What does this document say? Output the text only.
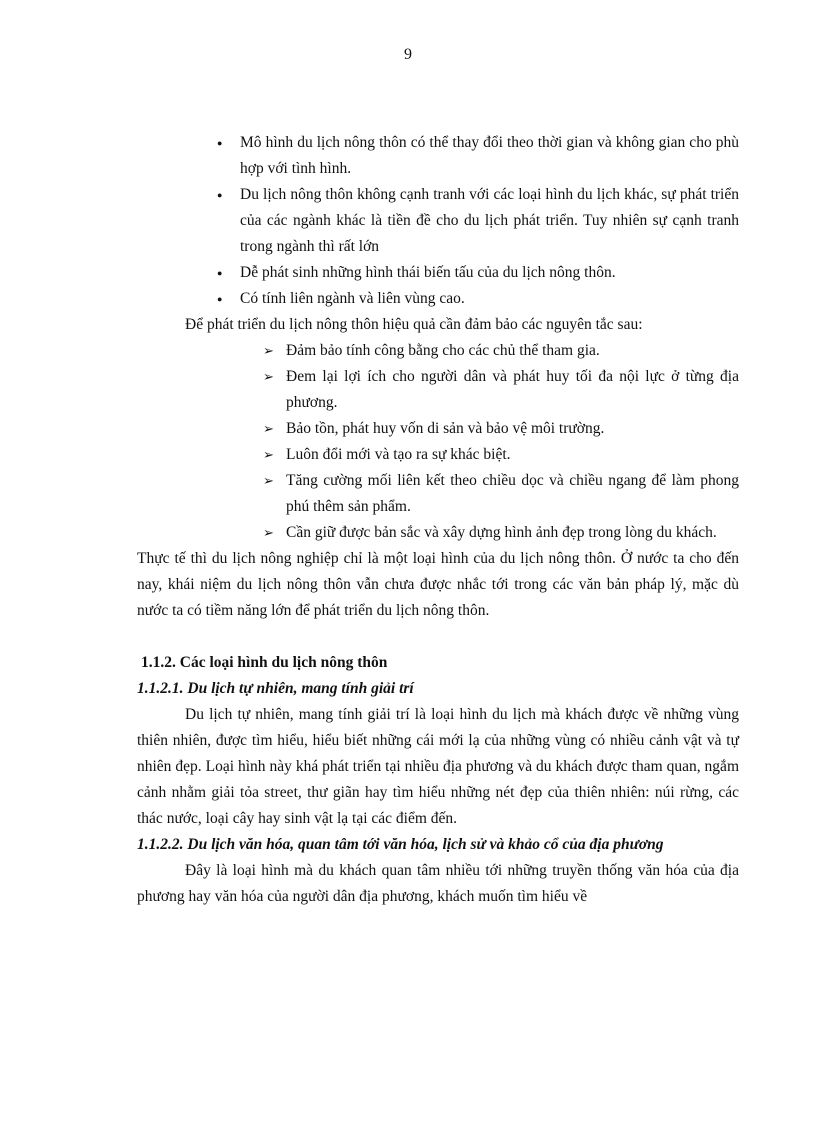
9
● Mô hình du lịch nông thôn có thể thay đổi theo thời gian và không gian cho phù hợp với tình hình.
● Du lịch nông thôn không cạnh tranh với các loại hình du lịch khác, sự phát triển của các ngành khác là tiền đề cho du lịch phát triển. Tuy nhiên sự cạnh tranh trong ngành thì rất lớn
● Dễ phát sinh những hình thái biến tấu của du lịch nông thôn.
● Có tính liên ngành và liên vùng cao.

Để phát triển du lịch nông thôn hiệu quả cần đảm bảo các nguyên tắc sau:

➢ Đảm bảo tính công bằng cho các chủ thể tham gia.
➢ Đem lại lợi ích cho người dân và phát huy tối đa nội lực ở từng địa phương.
➢ Bảo tồn, phát huy vốn di sản và bảo vệ môi trường.
➢ Luôn đổi mới và tạo ra sự khác biệt.
➢ Tăng cường mối liên kết theo chiều dọc và chiều ngang để làm phong phú thêm sản phẩm.
➢ Cần giữ được bản sắc và xây dựng hình ảnh đẹp trong lòng du khách.

Thực tế thì du lịch nông nghiệp chỉ là một loại hình của du lịch nông thôn. Ở nước ta cho đến nay, khái niệm du lịch nông thôn vẫn chưa được nhắc tới trong các văn bản pháp lý, mặc dù nước ta có tiềm năng lớn để phát triển du lịch nông thôn.

1.1.2. Các loại hình du lịch nông thôn

1.1.2.1. Du lịch tự nhiên, mang tính giải trí

Du lịch tự nhiên, mang tính giải trí là loại hình du lịch mà khách được về những vùng thiên nhiên, được tìm hiểu, hiểu biết những cái mới lạ của những vùng có nhiều cảnh vật và tự nhiên đẹp. Loại hình này khá phát triển tại nhiều địa phương và du khách được tham quan, ngắm cảnh nhằm giải tỏa street, thư giãn hay tìm hiểu những nét đẹp của thiên nhiên: núi rừng, các thác nước, loại cây hay sinh vật lạ tại các điểm đến.

1.1.2.2. Du lịch văn hóa, quan tâm tới văn hóa, lịch sử và khảo cổ của địa phương

Đây là loại hình mà du khách quan tâm nhiều tới những truyền thống văn hóa của địa phương hay văn hóa của người dân địa phương, khách muốn tìm hiểu về
